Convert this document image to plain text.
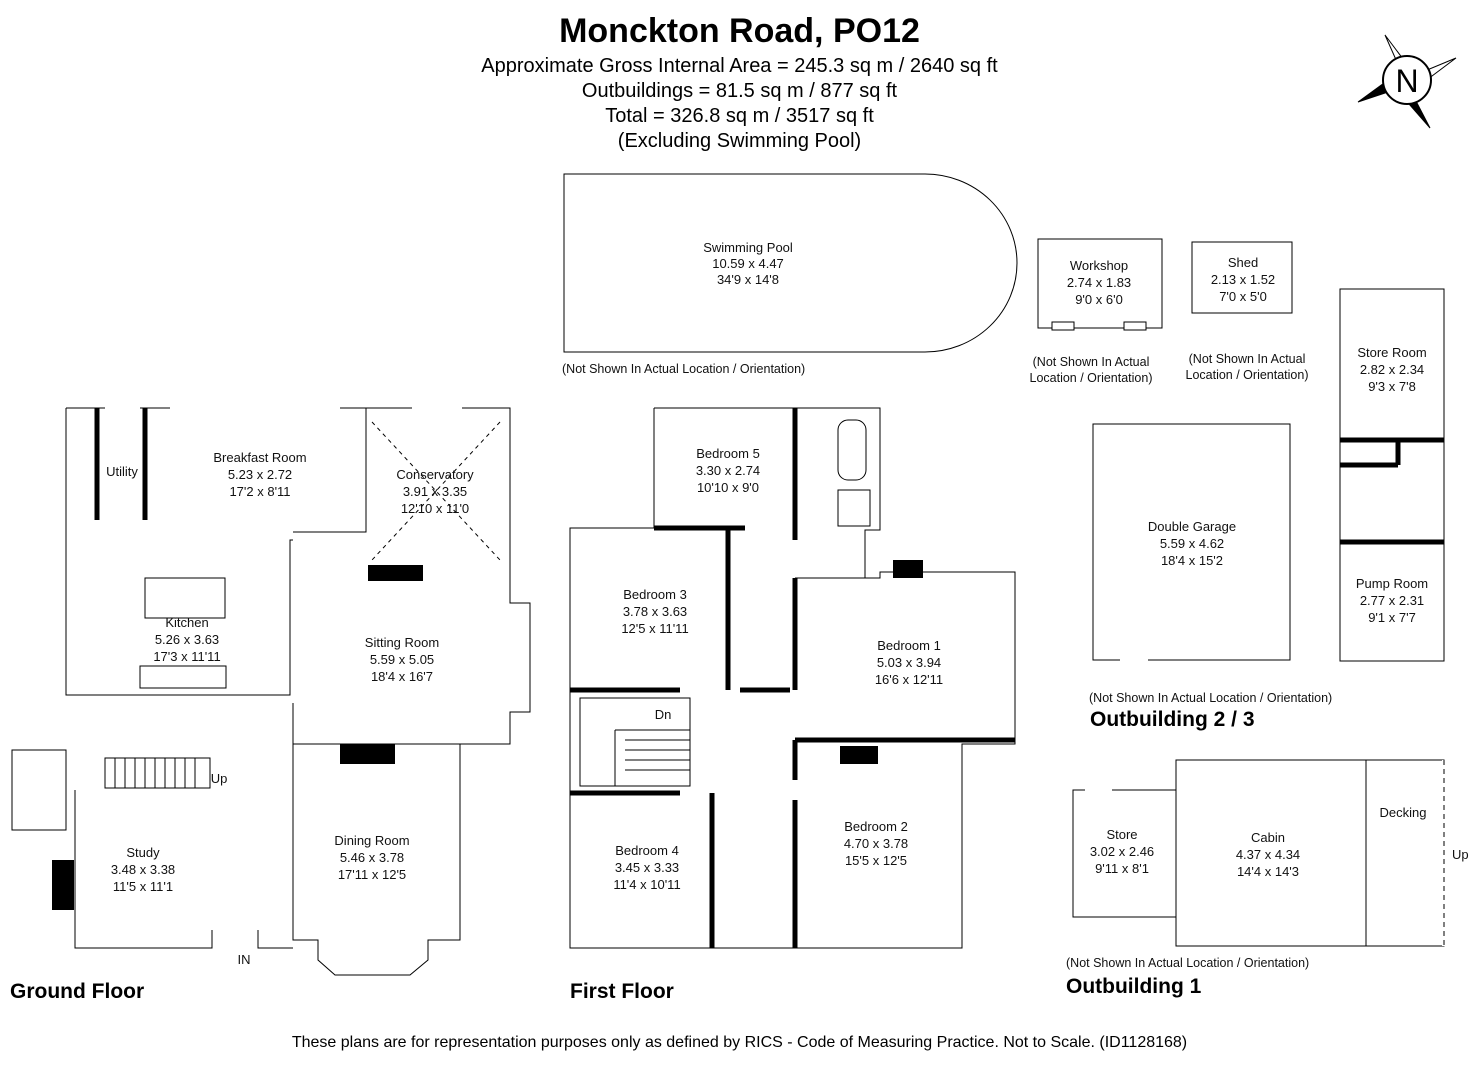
Monckton Road, PO12
Approximate Gross Internal Area = 245.3 sq m / 2640 sq ft
Outbuildings = 81.5 sq m / 877 sq ft
Total = 326.8 sq m / 3517 sq ft
(Excluding Swimming Pool)
N
Swimming Pool
10.59 x 4.47
34'9 x 14'8
(Not Shown In Actual Location / Orientation)
Workshop
2.74 x 1.83
9'0 x 6'0
(Not Shown In Actual
Location / Orientation)
Shed
2.13 x 1.52
7'0 x 5'0
(Not Shown In Actual
Location / Orientation)
Store Room
2.82 x 2.34
9'3 x 7'8
Pump Room
2.77 x 2.31
9'1 x 7'7
Double Garage
5.59 x 4.62
18'4 x 15'2
(Not Shown In Actual Location / Orientation)
Outbuilding 2 / 3
Utility
Breakfast Room
5.23 x 2.72
17'2 x 8'11
Conservatory
3.91 x 3.35
12'10 x 11'0
Kitchen
5.26 x 3.63
17'3 x 11'11
Sitting Room
5.59 x 5.05
18'4 x 16'7
Study
3.48 x 3.38
11'5 x 11'1
Dining Room
5.46 x 3.78
17'11 x 12'5
Up
IN
Ground Floor
Bedroom 5
3.30 x 2.74
10'10 x 9'0
Bedroom 3
3.78 x 3.63
12'5 x 11'11
Bedroom 1
5.03 x 3.94
16'6 x 12'11
Bedroom 4
3.45 x 3.33
11'4 x 10'11
Bedroom 2
4.70 x 3.78
15'5 x 12'5
Dn
First Floor
Store
3.02 x 2.46
9'11 x 8'1
Cabin
4.37 x 4.34
14'4 x 14'3
Decking
Up
(Not Shown In Actual Location / Orientation)
Outbuilding 1
These plans are for representation purposes only as defined by RICS - Code of Measuring Practice. Not to Scale. (ID1128168)
